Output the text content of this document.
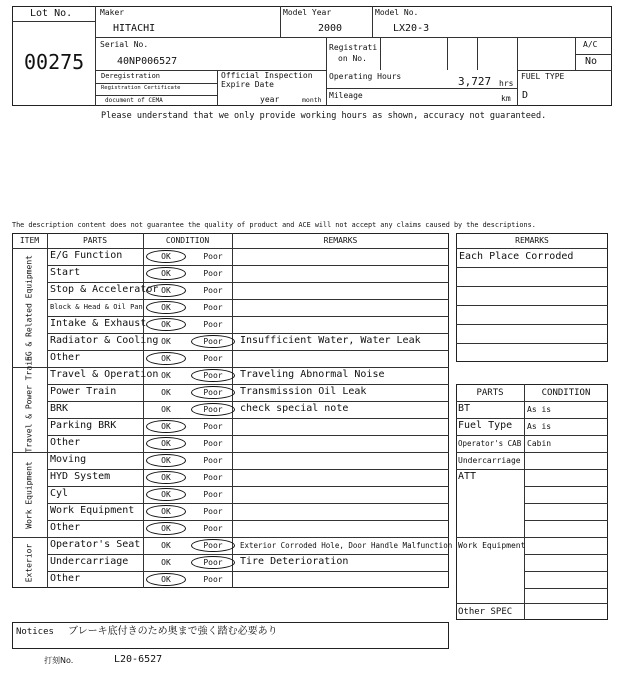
Lot No.
00275
Maker
HITACHI
Model Year
2000
Model No.
LX20-3
Serial No.
40NP006527
Registrati
on No.
A/C
No
Deregistration
Registration Certificate
document of CEMA
Official Inspection
Expire Date
year	month
Operating Hours	3,727 hrs
Mileage	km
FUEL TYPE
D
Please understand that we only provide working hours as shown, accuracy not guaranteed.
The description content does not guarantee the quality of product and ACE will not accept any claims caused by the descriptions.
ITEM	PARTS	CONDITION	REMARKS
EG & Related Equipment	E/G Function	OK	Poor
Start	OK	Poor
Stop & Accelerator OK	Poor
Block & Head & Oil Pan	OK	Poor
Intake & Exhaust	OK	Poor
Radiator & Cooling OK	Poor	Insufficient Water, Water Leak
Other	OK	Poor
Travel & Power Train	Travel & Operation OK	Poor	Traveling Abnormal Noise
Power Train	OK	Poor	Transmission Oil Leak
BRK	OK	Poor	check special note
Parking BRK	OK	Poor
Other	OK	Poor
Work Equipment
Moving	OK	Poor
HYD System	OK	Poor
Cyl	OK	Poor
Work Equipment	OK	Poor
Other	OK	Poor
Exterior	Operator's Seat	OK	Poor	Exterior Corroded Hole, Door Handle Malfunction
Undercarriage	OK	Poor	Tire Deterioration
Other	OK	Poor
REMARKS
Each Place Corroded
PARTS	CONDITION
BT	As is
Fuel Type As is
Operator's CAB Cabin
Undercarriage
ATT
Work Equipment
Other SPEC
Notices ブレーキ底付きのため奥まで強く踏む必要あり
打刻No.	L20-6527
